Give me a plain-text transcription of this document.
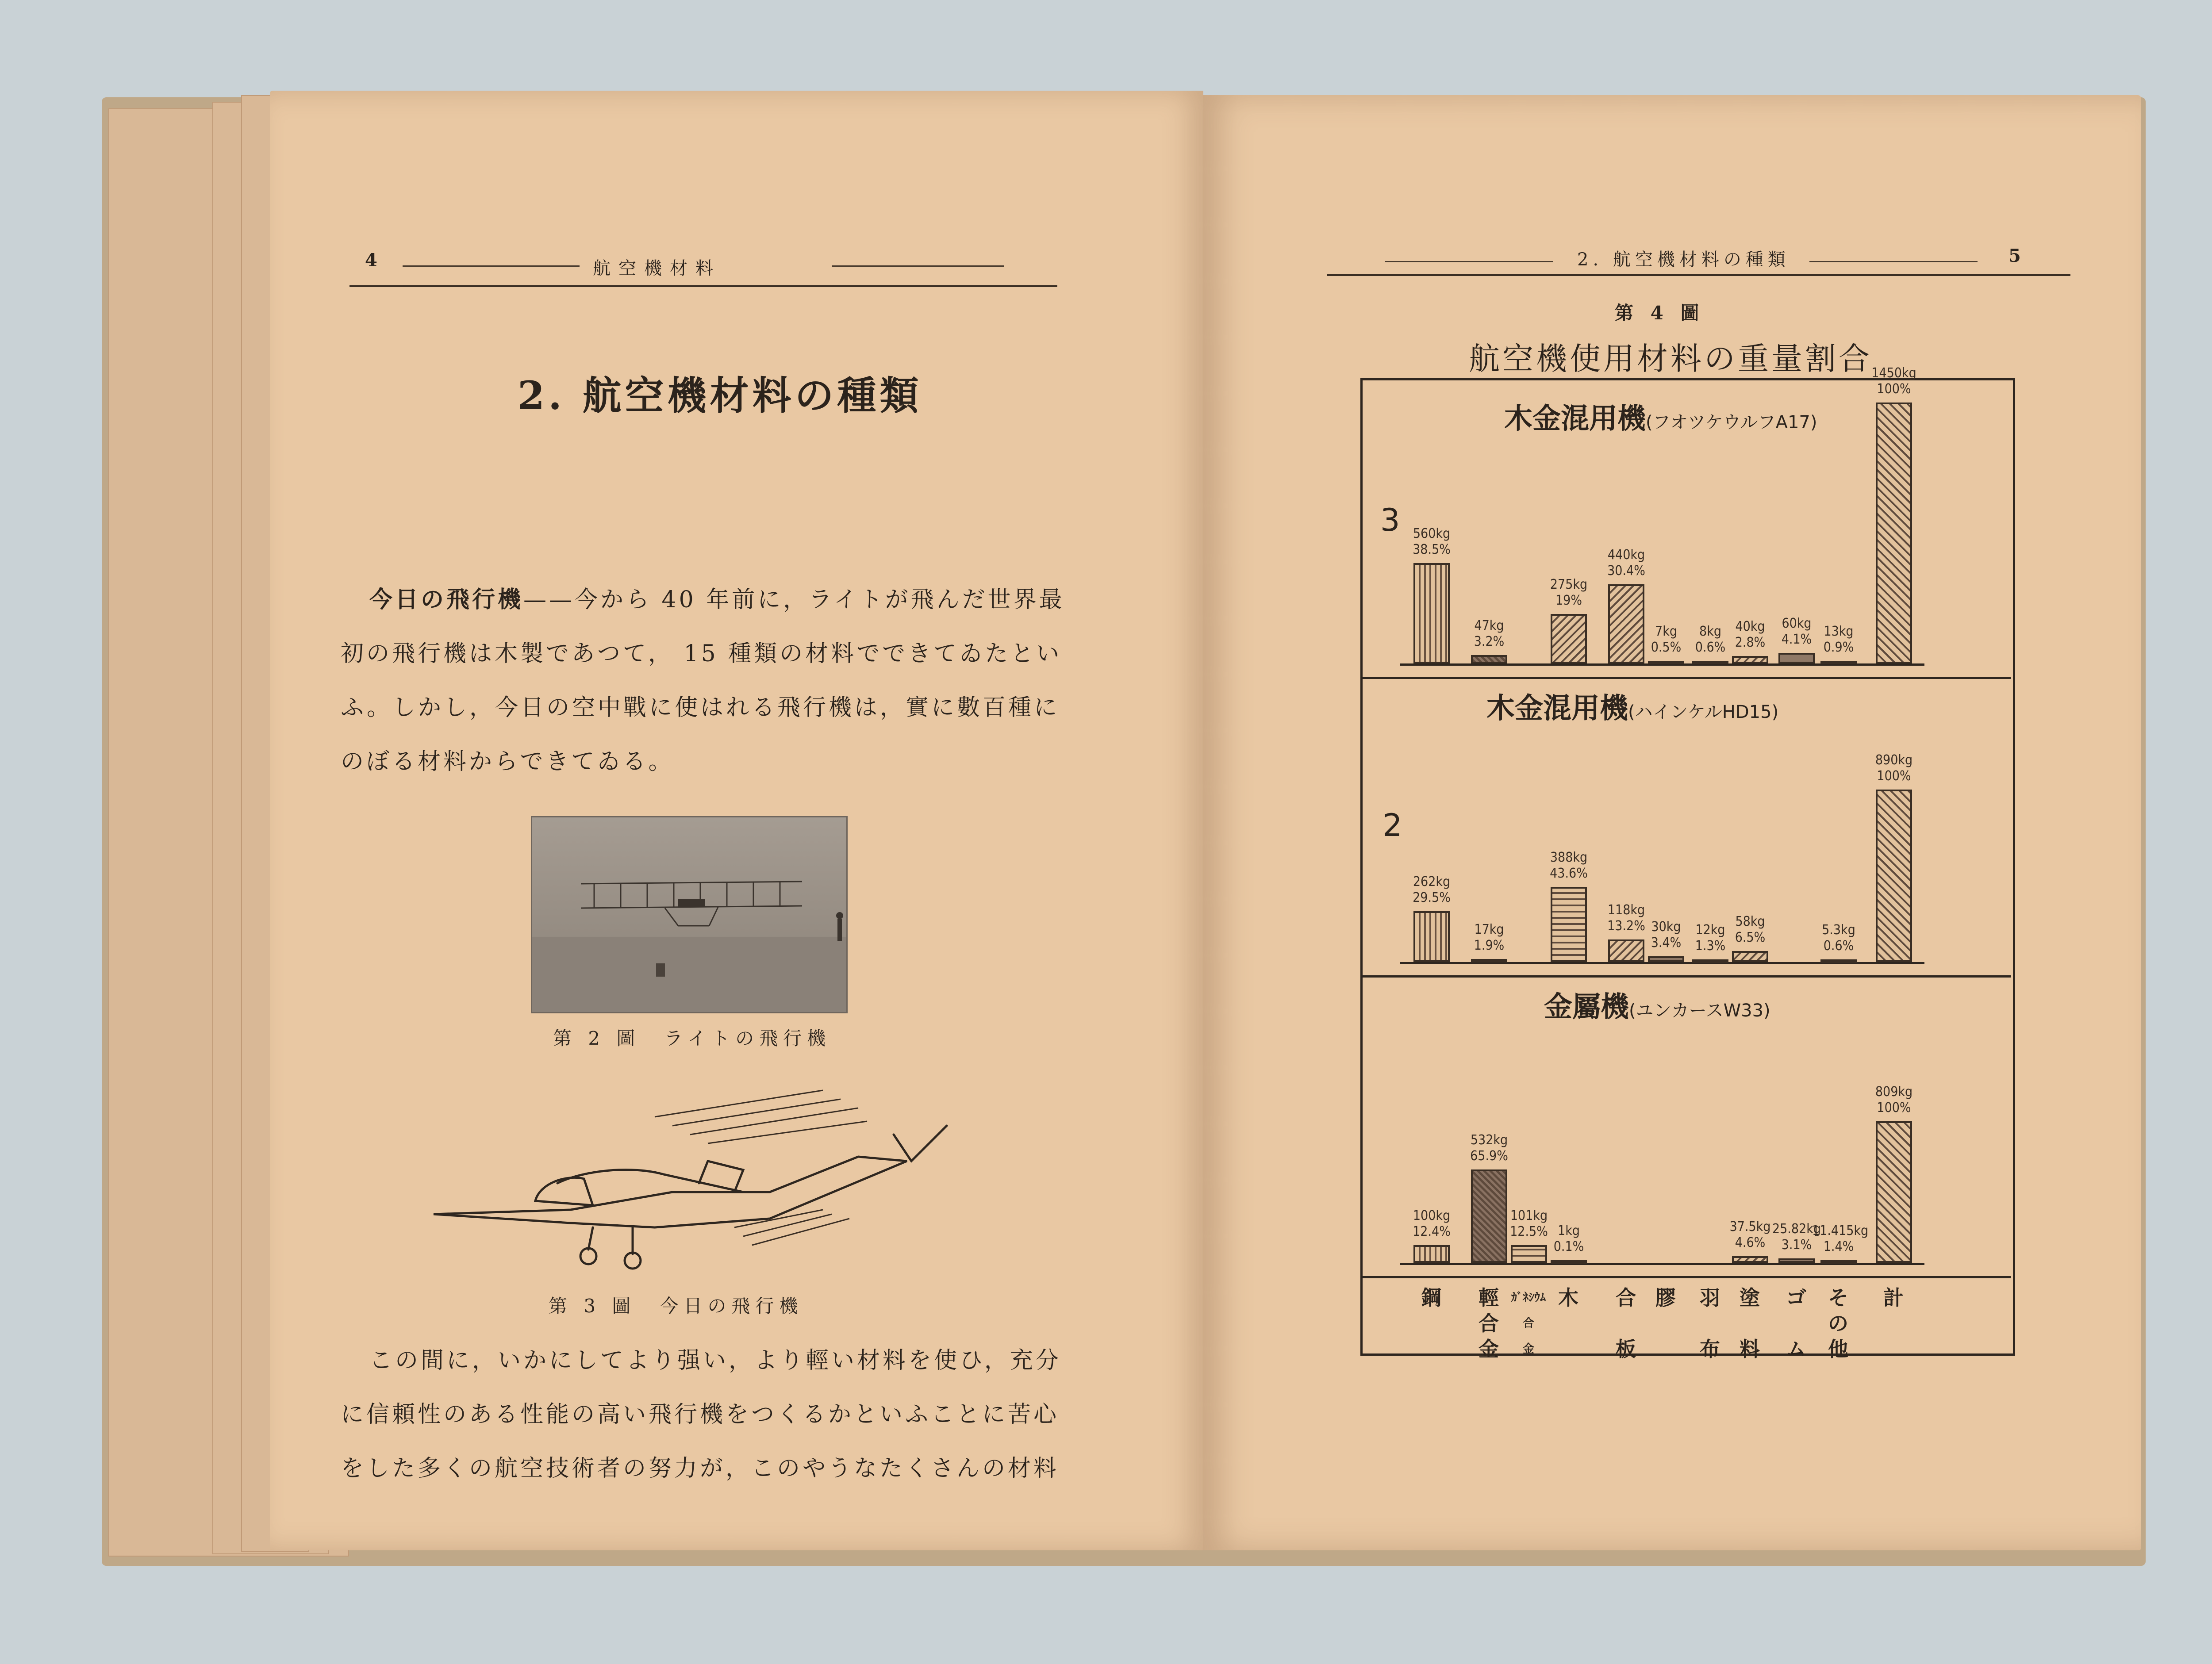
4	航空機材料
2. 航空機材料の種類
今日の飛行機——今から 40 年前に，ライトが飛んだ世界最
初の飛行機は木製であつて， 15 種類の材料でできてゐたとい
ふ。しかし，今日の空中戰に使はれる飛行機は，實に數百種に
のぼる材料からできてゐる。
第 2 圖　ライトの飛行機
第 3 圖　今日の飛行機
この間に，いかにしてより强い，より輕い材料を使ひ，充分
に信頼性のある性能の高い飛行機をつくるかといふことに苦心
をした多くの航空技術者の努力が，このやうなたくさんの材料
2. 航空機材料の種類	5
第 4 圖
航空機使用材料の重量割合
木金混用機(フオツケウルフA17)
3
木金混用機(ハインケルHD15)
2
金屬機(ユンカースW33)
560kg
38.5%
47kg
3.2%
275kg
19%
440kg
30.4%
7kg
0.5%
8kg
0.6%
40kg
2.8%
60kg
4.1%
13kg
0.9%
1450kg
100%
262kg
29.5%
17kg
1.9%
388kg
43.6%
118kg
13.2% 30kg
3.4%
12kg
1.3%
58kg
6.5%	5.3kg
0.6%
890kg
100%
100kg
12.4%
532kg
65.9%
101kg
12.5% 1kg
0.1%
37.5kg
4.6%
25.82kg
3.1%
11.415kg
1.4%
809kg
100%
鋼	輕
合
金
ｶﾞﾈｼｳﾑ
合
金
木	合

板
膠	羽

布
塗

料
ゴ

ム
そ
の
他
計
